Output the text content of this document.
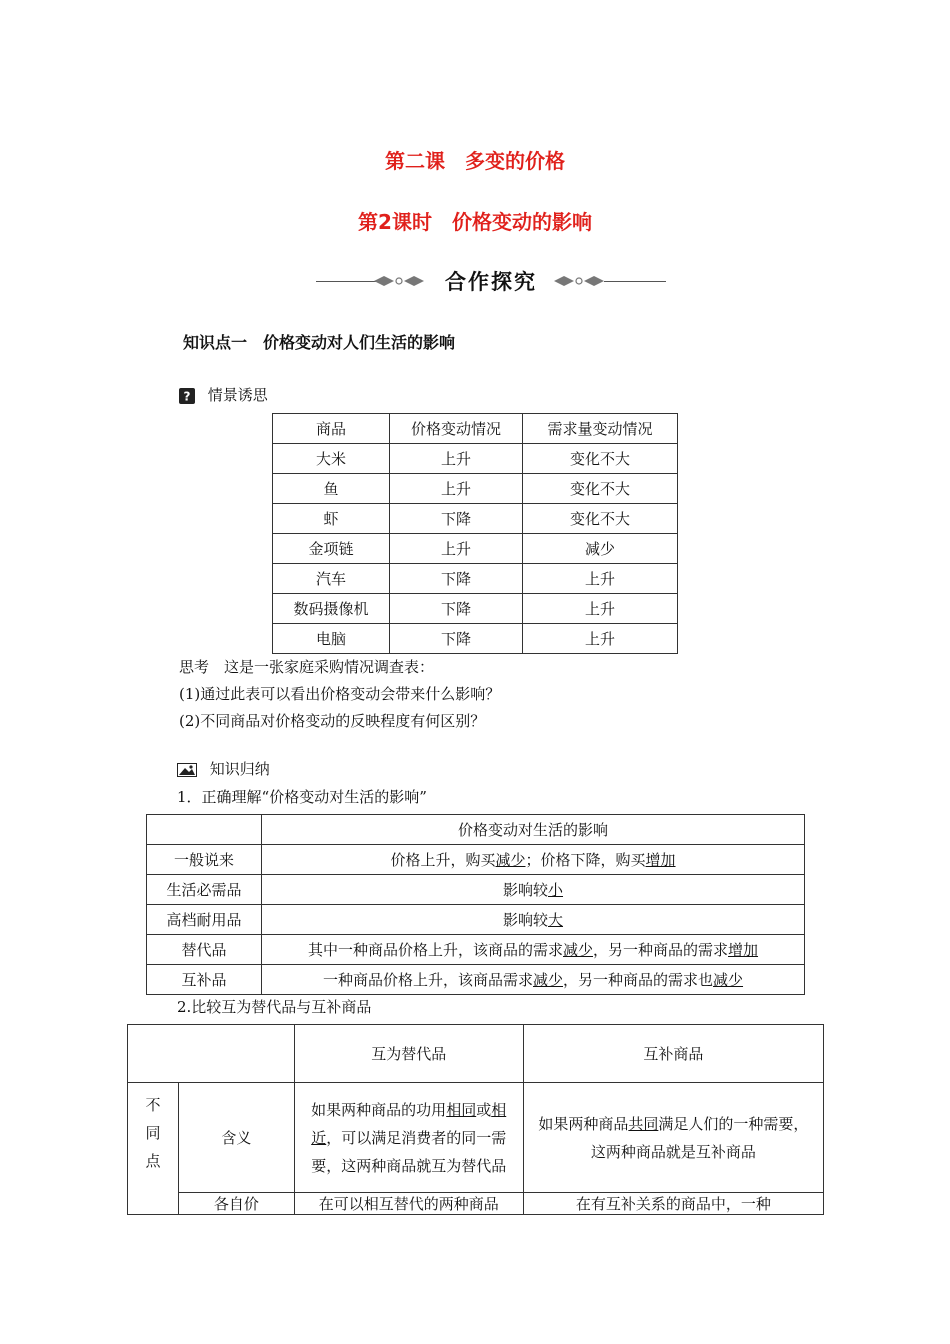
第二课　多变的价格
第2课时　价格变动的影响
合作探究
知识点一　价格变动对人们生活的影响
? 情景诱思
商品	价格变动情况	需求量变动情况
大米	上升	变化不大
鱼	上升	变化不大
虾	下降	变化不大
金项链	上升	减少
汽车	下降	上升
数码摄像机	下降	上升
电脑	下降	上升
思考　这是一张家庭采购情况调查表：
(1)通过此表可以看出价格变动会带来什么影响？
(2)不同商品对价格变动的反映程度有何区别？
知识归纳
1．正确理解“价格变动对生活的影响”
	价格变动对生活的影响
一般说来	价格上升，购买减少；价格下降，购买增加
生活必需品	影响较小
高档耐用品	影响较大
替代品	其中一种商品价格上升，该商品的需求减少，另一种商品的需求增加
互补品	一种商品价格上升，该商品需求减少，另一种商品的需求也减少
2.比较互为替代品与互补商品
		互为替代品	互补商品

不
同
点	含义	如果两种商品的功用相同或相近，可以满足消费者的同一需要，这两种商品就互为替代品	如果两种商品共同满足人们的一种需要，这两种商品就是互补商品
	各自价	在可以相互替代的两种商品	在有互补关系的商品中，一种
